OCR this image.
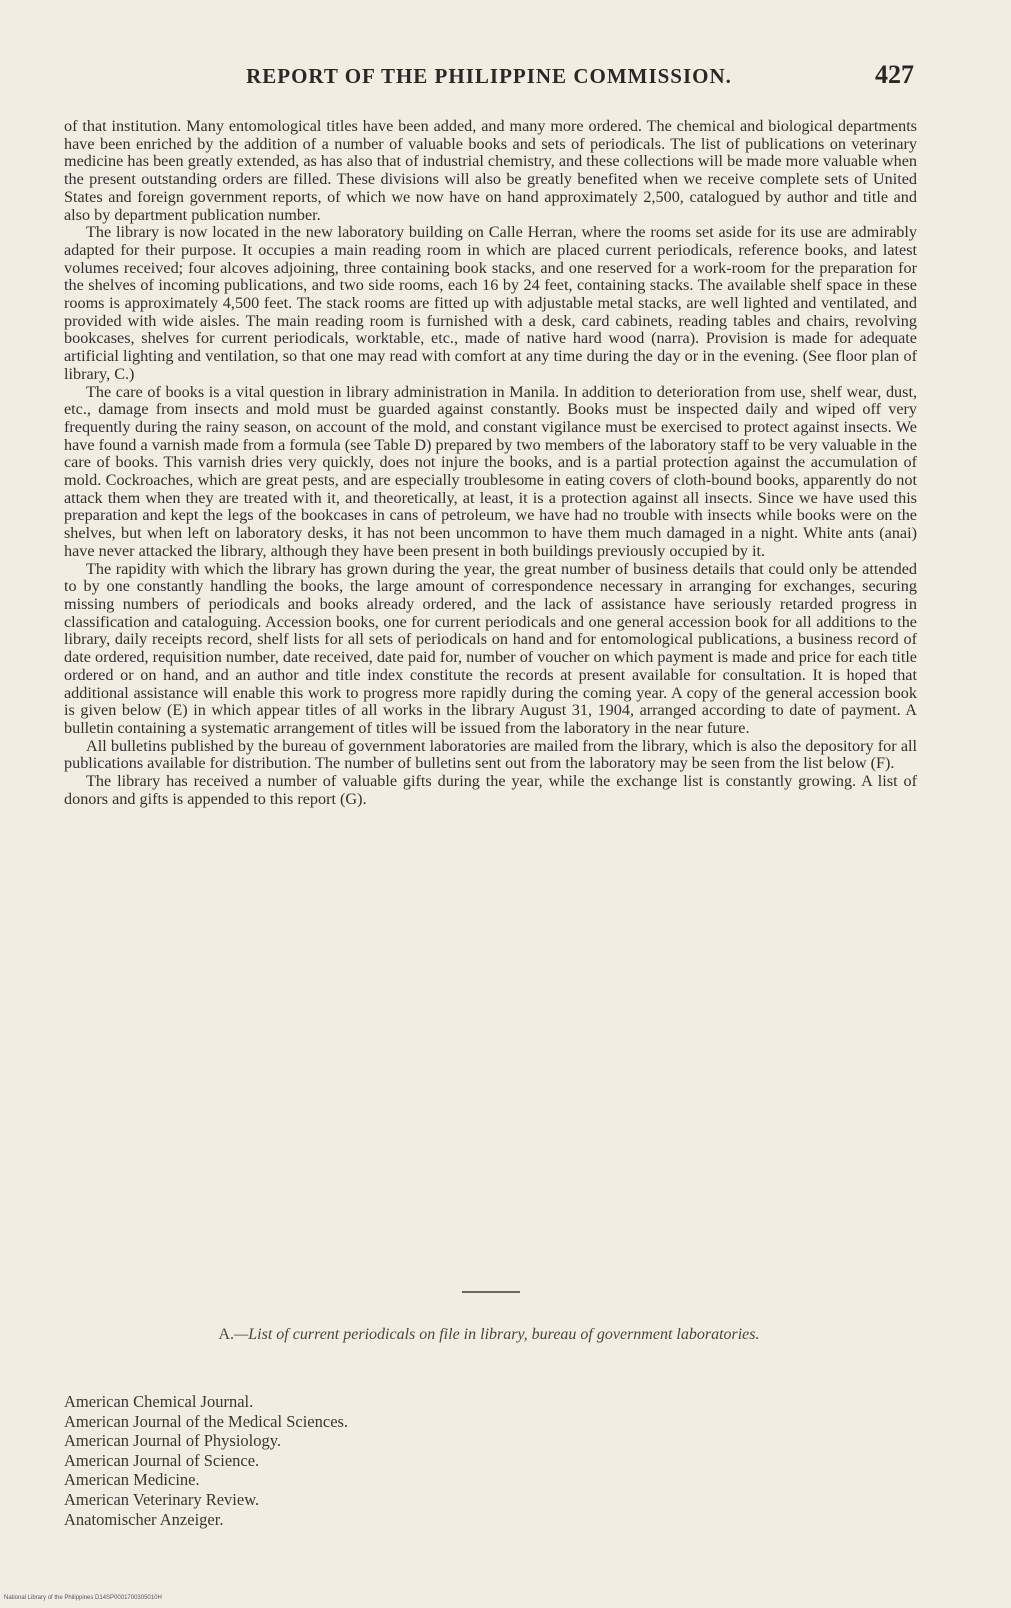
REPORT OF THE PHILIPPINE COMMISSION.	427

of that institution. Many entomological titles have been added, and many more ordered. The chemical and biological departments have been enriched by the addition of a number of valuable books and sets of periodicals. The list of publications on veterinary medicine has been greatly extended, as has also that of industrial chemistry, and these collections will be made more valuable when the present outstanding orders are filled. These divisions will also be greatly benefited when we receive complete sets of United States and foreign government reports, of which we now have on hand approximately 2,500, catalogued by author and title and also by department publication number.

The library is now located in the new laboratory building on Calle Herran, where the rooms set aside for its use are admirably adapted for their purpose. It occupies a main reading room in which are placed current periodicals, reference books, and latest volumes received; four alcoves adjoining, three containing book stacks, and one reserved for a work-room for the preparation for the shelves of incoming publications, and two side rooms, each 16 by 24 feet, containing stacks. The available shelf space in these rooms is approximately 4,500 feet. The stack rooms are fitted up with adjustable metal stacks, are well lighted and ventilated, and provided with wide aisles. The main reading room is furnished with a desk, card cabinets, reading tables and chairs, revolving bookcases, shelves for current periodicals, worktable, etc., made of native hard wood (narra). Provision is made for adequate artificial lighting and ventilation, so that one may read with comfort at any time during the day or in the evening. (See floor plan of library, C.)

The care of books is a vital question in library administration in Manila. In addition to deterioration from use, shelf wear, dust, etc., damage from insects and mold must be guarded against constantly. Books must be inspected daily and wiped off very frequently during the rainy season, on account of the mold, and constant vigilance must be exercised to protect against insects. We have found a varnish made from a formula (see Table D) prepared by two members of the laboratory staff to be very valuable in the care of books. This varnish dries very quickly, does not injure the books, and is a partial protection against the accumulation of mold. Cockroaches, which are great pests, and are especially troublesome in eating covers of cloth-bound books, apparently do not attack them when they are treated with it, and theoretically, at least, it is a protection against all insects. Since we have used this preparation and kept the legs of the bookcases in cans of petroleum, we have had no trouble with insects while books were on the shelves, but when left on laboratory desks, it has not been uncommon to have them much damaged in a night. White ants (anai) have never attacked the library, although they have been present in both buildings previously occupied by it.

The rapidity with which the library has grown during the year, the great number of business details that could only be attended to by one constantly handling the books, the large amount of correspondence necessary in arranging for exchanges, securing missing numbers of periodicals and books already ordered, and the lack of assistance have seriously retarded progress in classification and cataloguing. Accession books, one for current periodicals and one general accession book for all additions to the library, daily receipts record, shelf lists for all sets of periodicals on hand and for entomological publications, a business record of date ordered, requisition number, date received, date paid for, number of voucher on which payment is made and price for each title ordered or on hand, and an author and title index constitute the records at present available for consultation. It is hoped that additional assistance will enable this work to progress more rapidly during the coming year. A copy of the general accession book is given below (E) in which appear titles of all works in the library August 31, 1904, arranged according to date of payment. A bulletin containing a systematic arrangement of titles will be issued from the laboratory in the near future.

All bulletins published by the bureau of government laboratories are mailed from the library, which is also the depository for all publications available for distribution. The number of bulletins sent out from the laboratory may be seen from the list below (F).

The library has received a number of valuable gifts during the year, while the exchange list is constantly growing. A list of donors and gifts is appended to this report (G).

A.—List of current periodicals on file in library, bureau of government laboratories.
American Chemical Journal.
American Journal of the Medical Sciences.
American Journal of Physiology.
American Journal of Science.
American Medicine.
American Veterinary Review.
Anatomischer Anzeiger.
National Library of the Philippines D14SP0001700305010H
